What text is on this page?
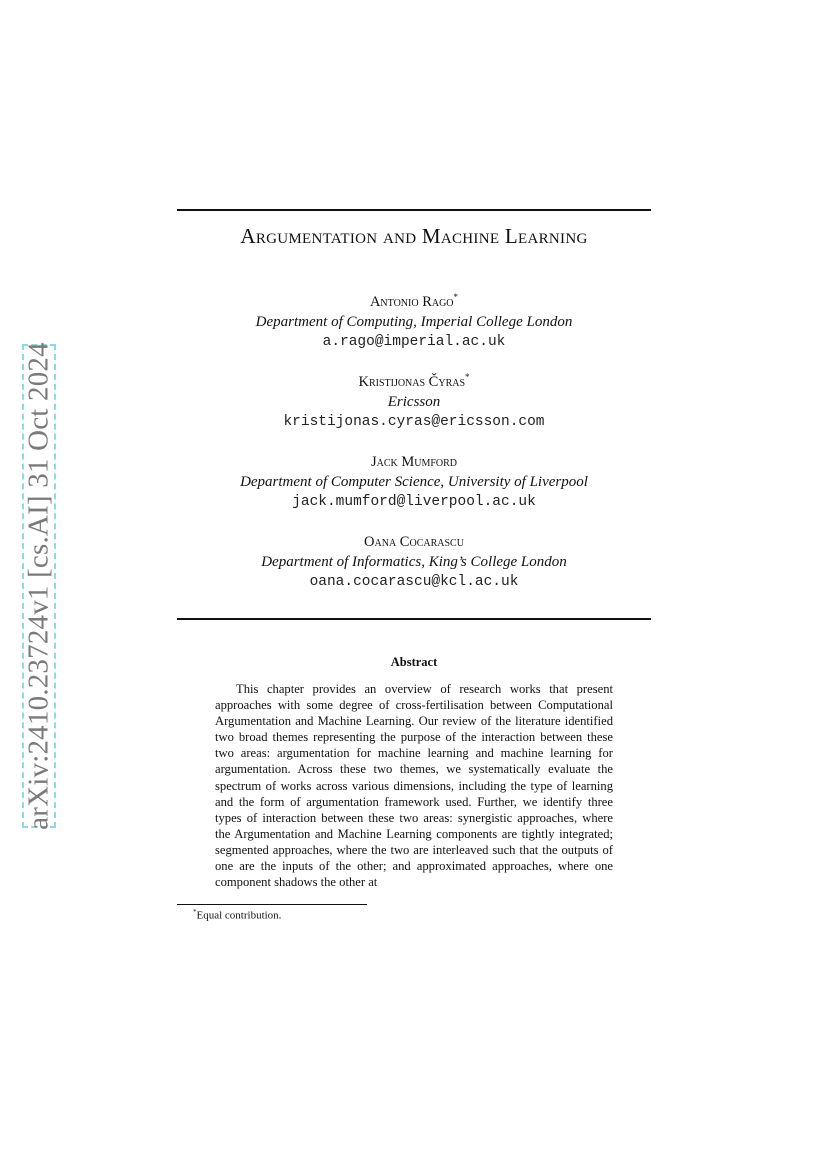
arXiv:2410.23724v1 [cs.AI] 31 Oct 2024
Argumentation and Machine Learning
Antonio Rago*
Department of Computing, Imperial College London
a.rago@imperial.ac.uk
Kristijonas Čyras*
Ericsson
kristijonas.cyras@ericsson.com
Jack Mumford
Department of Computer Science, University of Liverpool
jack.mumford@liverpool.ac.uk
Oana Cocarascu
Department of Informatics, King’s College London
oana.cocarascu@kcl.ac.uk
Abstract
This chapter provides an overview of research works that present approaches with some degree of cross-fertilisation between Computational Argumentation and Machine Learning. Our review of the literature identified two broad themes representing the purpose of the interaction between these two areas: argumentation for machine learning and machine learning for argumentation. Across these two themes, we systematically evaluate the spectrum of works across various dimensions, including the type of learning and the form of argumentation framework used. Further, we identify three types of interaction between these two areas: synergistic approaches, where the Argumentation and Machine Learning components are tightly integrated; segmented approaches, where the two are interleaved such that the outputs of one are the inputs of the other; and approximated approaches, where one component shadows the other at
*Equal contribution.
